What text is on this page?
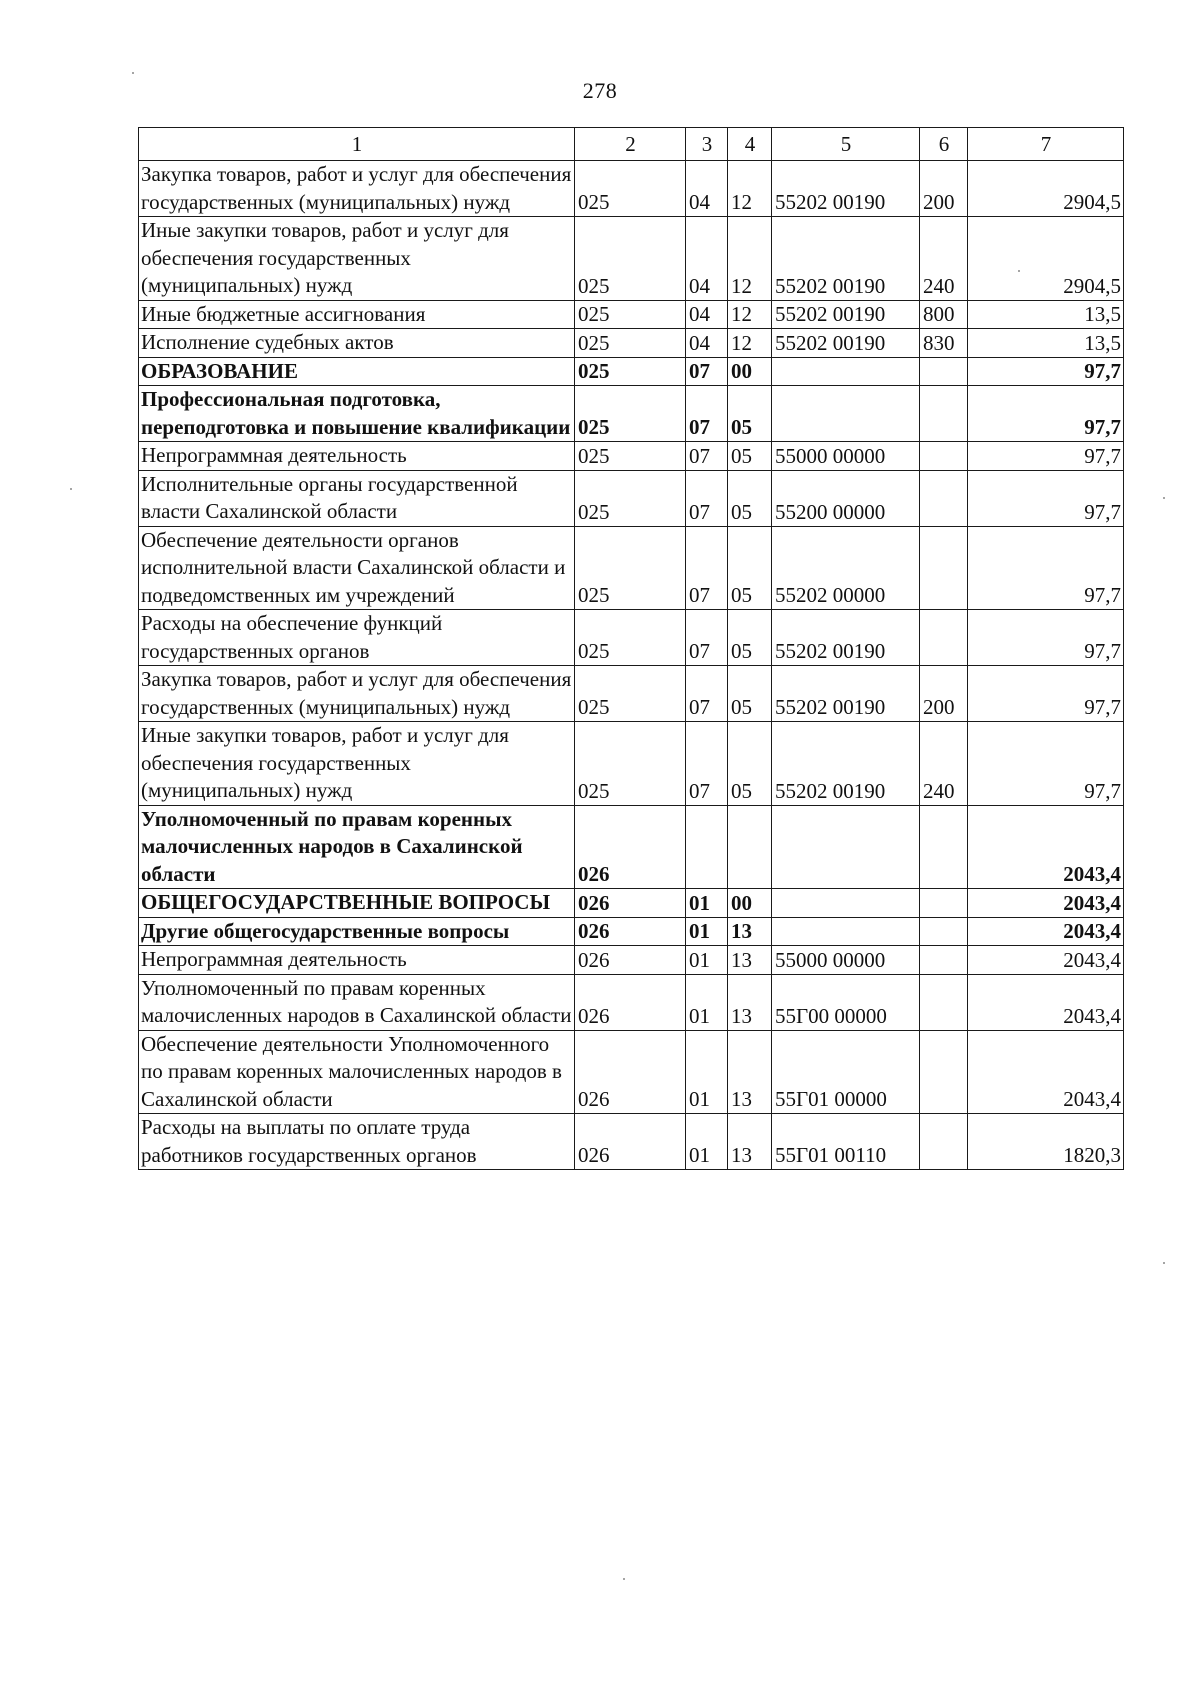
278
1	2	3	4	5	6	7
Закупка товаров, работ и услуг для обеспечения государственных (муниципальных) нужд	025	04	12	55202 00190	200	2904,5
Иные закупки товаров, работ и услуг для обеспечения государственных (муниципальных) нужд	025	04	12	55202 00190	240	2904,5
Иные бюджетные ассигнования	025	04	12	55202 00190	800	13,5
Исполнение судебных актов	025	04	12	55202 00190	830	13,5
ОБРАЗОВАНИЕ	025	07	00			97,7
Профессиональная подготовка, переподготовка и повышение квалификации	025	07	05			97,7
Непрограммная деятельность	025	07	05	55000 00000		97,7
Исполнительные органы государственной власти Сахалинской области	025	07	05	55200 00000		97,7
Обеспечение деятельности органов исполнительной власти Сахалинской области и подведомственных им учреждений	025	07	05	55202 00000		97,7
Расходы на обеспечение функций государственных органов	025	07	05	55202 00190		97,7
Закупка товаров, работ и услуг для обеспечения государственных (муниципальных) нужд	025	07	05	55202 00190	200	97,7
Иные закупки товаров, работ и услуг для обеспечения государственных (муниципальных) нужд	025	07	05	55202 00190	240	97,7
Уполномоченный по правам коренных малочисленных народов в Сахалинской области	026					2043,4
ОБЩЕГОСУДАРСТВЕННЫЕ ВОПРОСЫ	026	01	00			2043,4
Другие общегосударственные вопросы	026	01	13			2043,4
Непрограммная деятельность	026	01	13	55000 00000		2043,4
Уполномоченный по правам коренных малочисленных народов в Сахалинской области	026	01	13	55Г00 00000		2043,4
Обеспечение деятельности Уполномоченного по правам коренных малочисленных народов в Сахалинской области	026	01	13	55Г01 00000		2043,4
Расходы на выплаты по оплате труда работников государственных органов	026	01	13	55Г01 00110		1820,3
